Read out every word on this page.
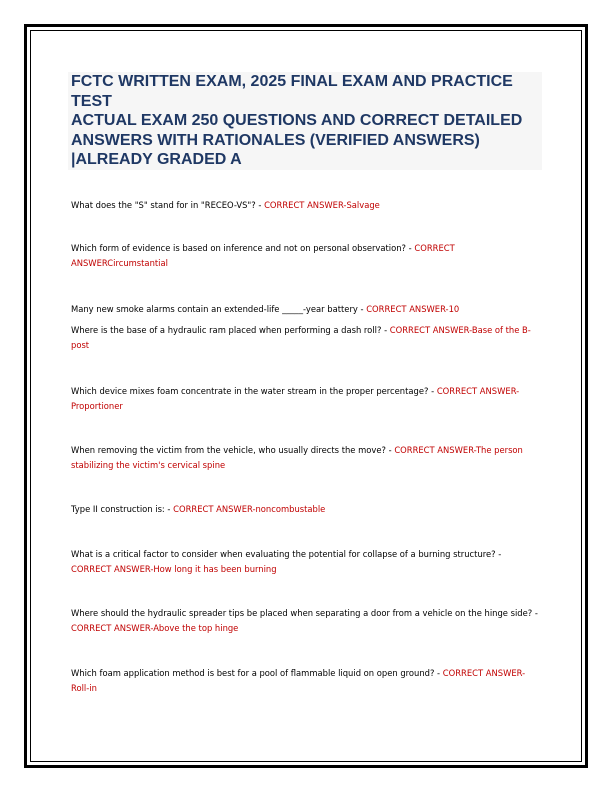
FCTC WRITTEN EXAM, 2025 FINAL EXAM AND PRACTICE
TEST
ACTUAL EXAM 250 QUESTIONS AND CORRECT DETAILED
ANSWERS WITH RATIONALES (VERIFIED ANSWERS)
|ALREADY GRADED A

What does the "S" stand for in "RECEO-VS"? - CORRECT ANSWER-Salvage

Which form of evidence is based on inference and not on personal observation? - CORRECT ANSWERCircumstantial

Many new smoke alarms contain an extended-life _____-year battery - CORRECT ANSWER-10

Where is the base of a hydraulic ram placed when performing a dash roll? - CORRECT ANSWER-Base of the B-post

Which device mixes foam concentrate in the water stream in the proper percentage? - CORRECT ANSWER-Proportioner

When removing the victim from the vehicle, who usually directs the move? - CORRECT ANSWER-The person stabilizing the victim's cervical spine

Type II construction is: - CORRECT ANSWER-noncombustable

What is a critical factor to consider when evaluating the potential for collapse of a burning structure? - CORRECT ANSWER-How long it has been burning

Where should the hydraulic spreader tips be placed when separating a door from a vehicle on the hinge side? - CORRECT ANSWER-Above the top hinge

Which foam application method is best for a pool of flammable liquid on open ground? - CORRECT ANSWER-Roll-in
